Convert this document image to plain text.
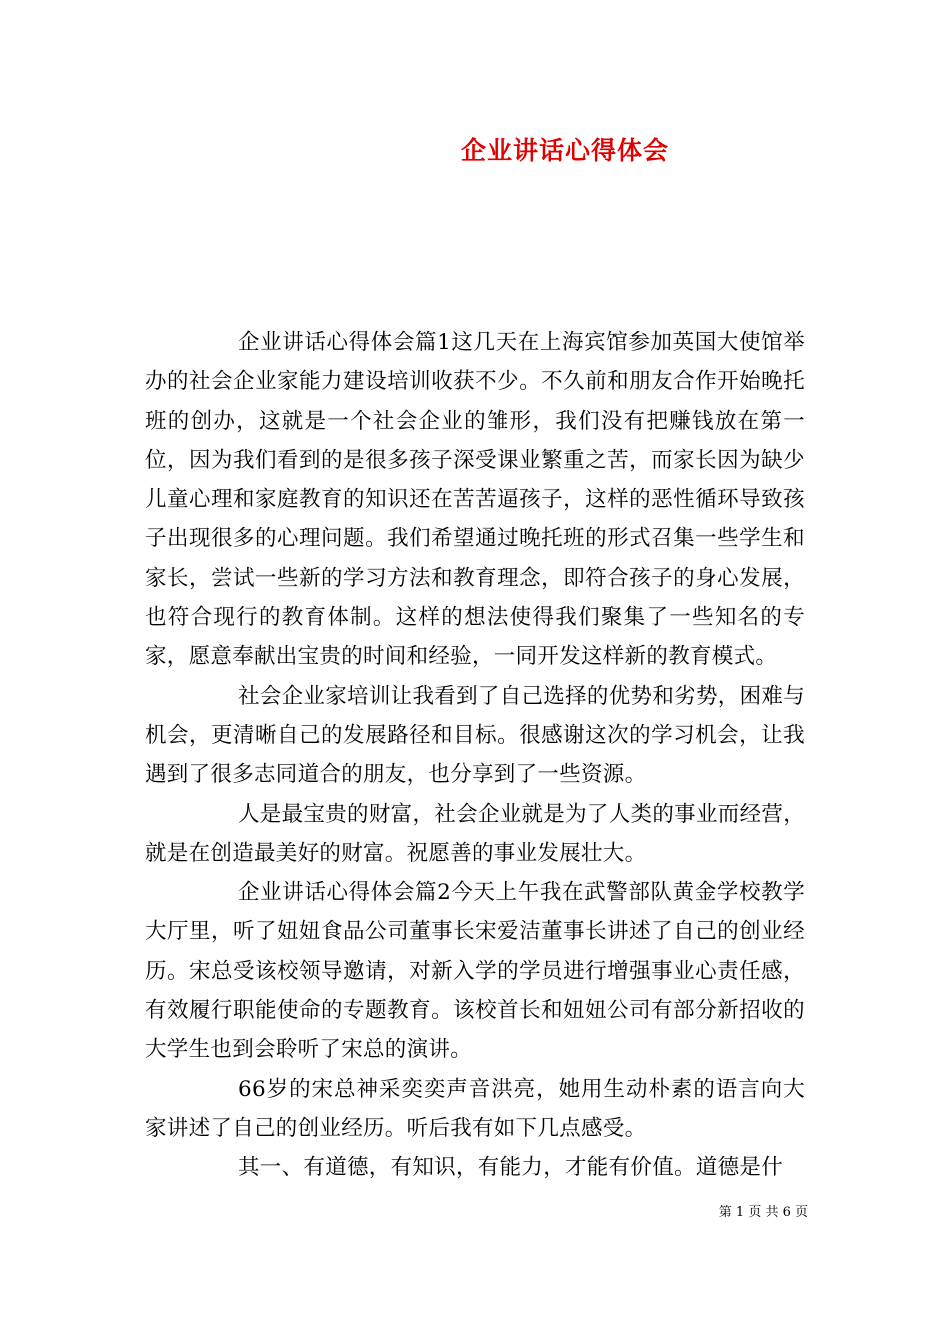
企业讲话心得体会

企业讲话心得体会篇1这几天在上海宾馆参加英国大使馆举办的社会企业家能力建设培训收获不少。不久前和朋友合作开始晚托班的创办，这就是一个社会企业的雏形，我们没有把赚钱放在第一位，因为我们看到的是很多孩子深受课业繁重之苦，而家长因为缺少儿童心理和家庭教育的知识还在苦苦逼孩子，这样的恶性循环导致孩子出现很多的心理问题。我们希望通过晚托班的形式召集一些学生和家长，尝试一些新的学习方法和教育理念，即符合孩子的身心发展，也符合现行的教育体制。这样的想法使得我们聚集了一些知名的专家，愿意奉献出宝贵的时间和经验，一同开发这样新的教育模式。

社会企业家培训让我看到了自己选择的优势和劣势，困难与机会，更清晰自己的发展路径和目标。很感谢这次的学习机会，让我遇到了很多志同道合的朋友，也分享到了一些资源。

人是最宝贵的财富，社会企业就是为了人类的事业而经营，就是在创造最美好的财富。祝愿善的事业发展壮大。

企业讲话心得体会篇2今天上午我在武警部队黄金学校教学大厅里，听了妞妞食品公司董事长宋爱洁董事长讲述了自己的创业经历。宋总受该校领导邀请，对新入学的学员进行增强事业心责任感，有效履行职能使命的专题教育。该校首长和妞妞公司有部分新招收的大学生也到会聆听了宋总的演讲。

66岁的宋总神采奕奕声音洪亮，她用生动朴素的语言向大家讲述了自己的创业经历。听后我有如下几点感受。

其一、有道德，有知识，有能力，才能有价值。道德是什

第 1 页 共 6 页
